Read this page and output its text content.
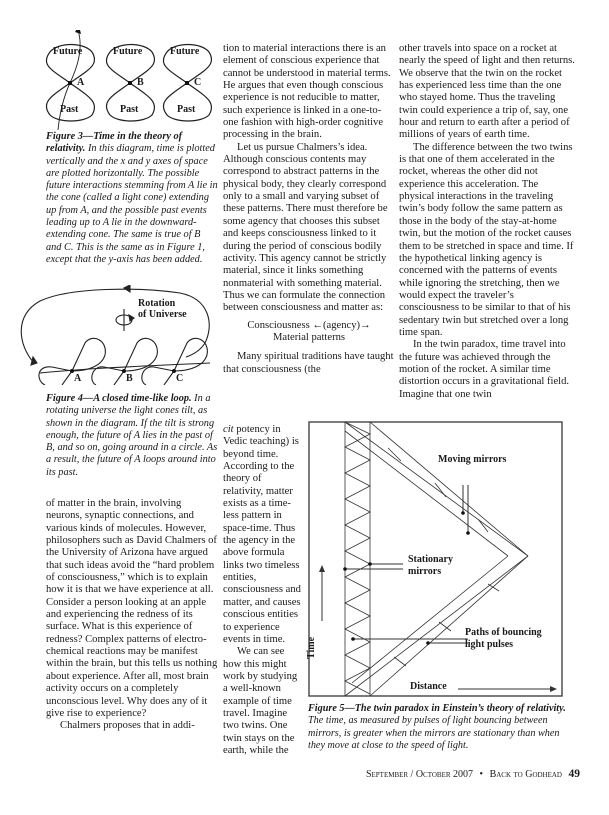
Future	Future	Future
A	B	C
Past	Past	Past
Figure 3—Time in the theory of relativity. In this diagram, time is plotted vertically and the x and y axes of space are plotted horizontally. The possible future interactions stemming from A lie in the cone (called a light cone) extending up from A, and the possible past events leading up to A lie in the downward-extending cone. The same is true of B and C. This is the same as in Figure 1, except that the y-axis has been added.
Rotation
of Universe
A	B	C
Figure 4—A closed time-like loop. In a rotating universe the light cones tilt, as shown in the diagram. If the tilt is strong enough, the future of A lies in the past of B, and so on, going around in a circle. As a result, the future of A loops around into its past.

of matter in the brain, involving neurons, synaptic connections, and various kinds of molecules. However, philosophers such as David Chalmers of the University of Arizona have argued that such ideas avoid the “hard problem of consciousness,” which is to explain how it is that we have experience at all. Consider a person looking at an apple and experiencing the redness of its surface. What is this experience of redness? Complex patterns of electro-chemical reactions may be manifest within the brain, but this tells us nothing about experience. After all, most brain activity occurs on a completely unconscious level. Why does any of it give rise to experience?

Chalmers proposes that in addi-

tion to material interactions there is an element of conscious experience that cannot be understood in material terms. He argues that even though conscious experience is not reducible to matter, such experience is linked in a one-to-one fashion with high-order cognitive processing in the brain.

Let us pursue Chalmers’s idea. Although conscious contents may correspond to abstract patterns in the physical body, they clearly correspond only to a small and varying subset of these patterns. There must therefore be some agency that chooses this subset and keeps consciousness linked to it during the period of conscious bodily activity. This agency cannot be strictly material, since it links something nonmaterial with something material. Thus we can formulate the connection between consciousness and matter as:

Consciousness ←(agency)→
Material patterns

Many spiritual traditions have taught that consciousness (the

cit potency in Vedic teaching) is beyond time. According to the theory of relativity, matter exists as a time-less pattern in space-time. Thus the agency in the above formula links two timeless entities, consciousness and matter, and causes conscious entities to experience events in time.

We can see how this might work by studying a well-known example of time travel. Imagine two twins. One twin stays on the earth, while the

other travels into space on a rocket at nearly the speed of light and then returns. We observe that the twin on the rocket has experienced less time than the one who stayed home. Thus the traveling twin could experience a trip of, say, one hour and return to earth after a period of millions of years of earth time.

The difference between the two twins is that one of them accelerated in the rocket, whereas the other did not experience this acceleration. The physical interactions in the traveling twin’s body follow the same pattern as those in the body of the stay-at-home twin, but the motion of the rocket causes them to be stretched in space and time. If the hypothetical linking agency is concerned with the patterns of events while ignoring the stretching, then we would expect the traveler’s consciousness to be similar to that of his sedentary twin but stretched over a long time span.

In the twin paradox, time travel into the future was achieved through the motion of the rocket. A similar time distortion occurs in a gravitational field. Imagine that one twin

Moving mirrors
Stationary
mirrors
Paths of bouncing
light pulses
Time
Distance
Figure 5—The twin paradox in Einstein’s theory of relativity. The time, as measured by pulses of light bouncing between mirrors, is greater when the mirrors are stationary than when they move at close to the speed of light.
September / October 2007 • Back to Godhead 49
